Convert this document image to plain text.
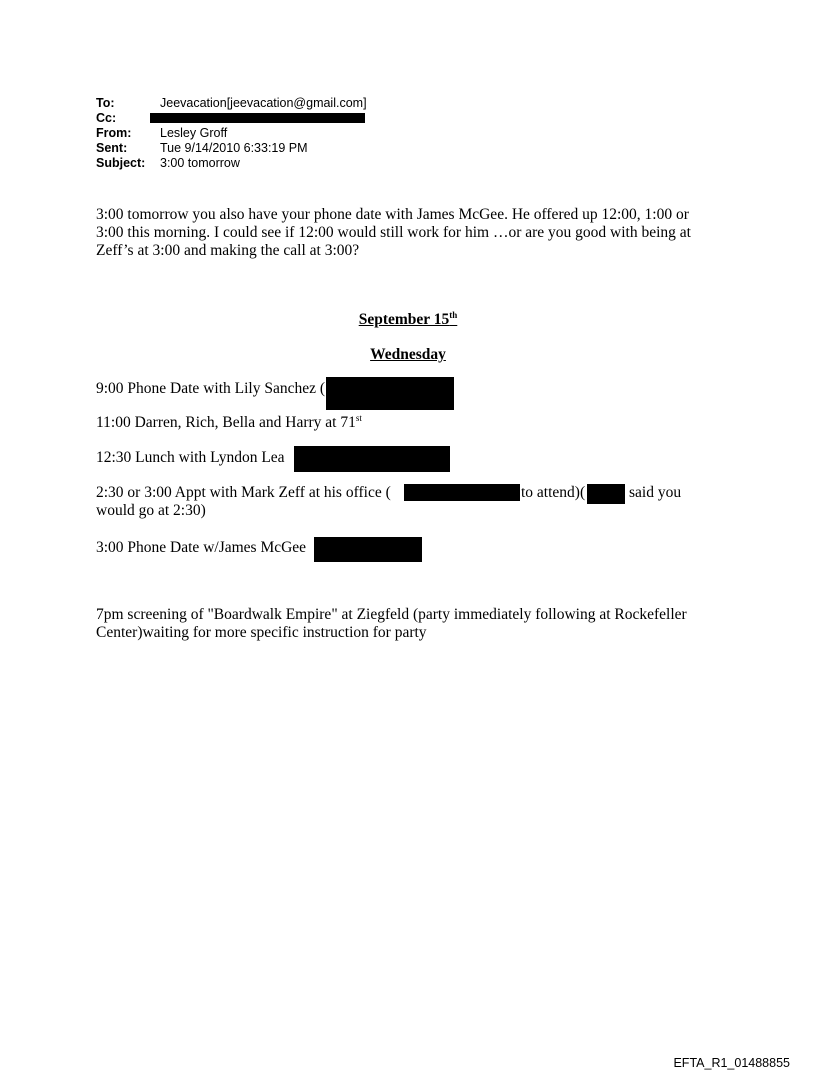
To:	Jeevacation[jeevacation@gmail.com]
Cc:
From: Lesley Groff
Sent:	Tue 9/14/2010 6:33:19 PM
Subject: 3:00 tomorrow
3:00 tomorrow you also have your phone date with James McGee. He offered up 12:00, 1:00 or
3:00 this morning. I could see if 12:00 would still work for him …or are you good with being at
Zeff’s at 3:00 and making the call at 3:00?
September 15th
Wednesday
9:00 Phone Date with Lily Sanchez (
11:00 Darren, Rich, Bella and Harry at 71st
12:30 Lunch with Lyndon Lea
2:30 or 3:00 Appt with Mark Zeff at his office (	to attend)(	said you
would go at 2:30)
3:00 Phone Date w/James McGee
7pm screening of "Boardwalk Empire" at Ziegfeld (party immediately following at Rockefeller
Center)waiting for more specific instruction for party
EFTA_R1_01488855
